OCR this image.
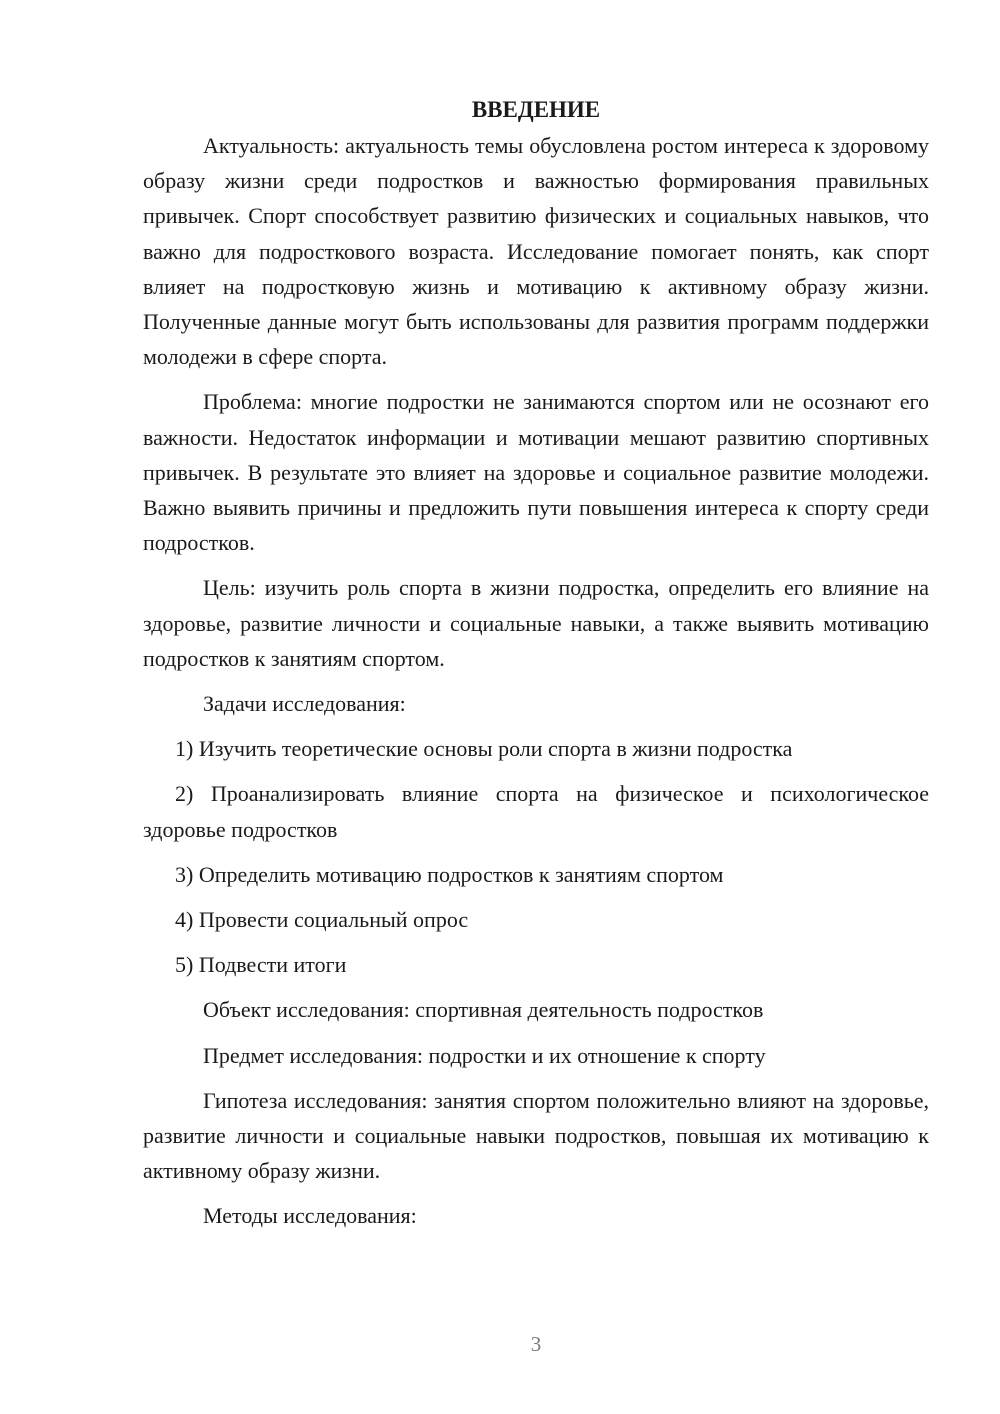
ВВЕДЕНИЕ

Актуальность: актуальность темы обусловлена ростом интереса к здоровому образу жизни среди подростков и важностью формирования правильных привычек. Спорт способствует развитию физических и социальных навыков, что важно для подросткового возраста. Исследование помогает понять, как спорт влияет на подростковую жизнь и мотивацию к активному образу жизни. Полученные данные могут быть использованы для развития программ поддержки молодежи в сфере спорта.

Проблема: многие подростки не занимаются спортом или не осознают его важности. Недостаток информации и мотивации мешают развитию спортивных привычек. В результате это влияет на здоровье и социальное развитие молодежи. Важно выявить причины и предложить пути повышения интереса к спорту среди подростков.

Цель: изучить роль спорта в жизни подростка, определить его влияние на здоровье, развитие личности и социальные навыки, а также выявить мотивацию подростков к занятиям спортом.

Задачи исследования:

1) Изучить теоретические основы роли спорта в жизни подростка

2) Проанализировать влияние спорта на физическое и психологическое здоровье подростков

3) Определить мотивацию подростков к занятиям спортом

4) Провести социальный опрос

5) Подвести итоги

Объект исследования: спортивная деятельность подростков

Предмет исследования: подростки и их отношение к спорту

Гипотеза исследования: занятия спортом положительно влияют на здоровье, развитие личности и социальные навыки подростков, повышая их мотивацию к активному образу жизни.

Методы исследования:

3
